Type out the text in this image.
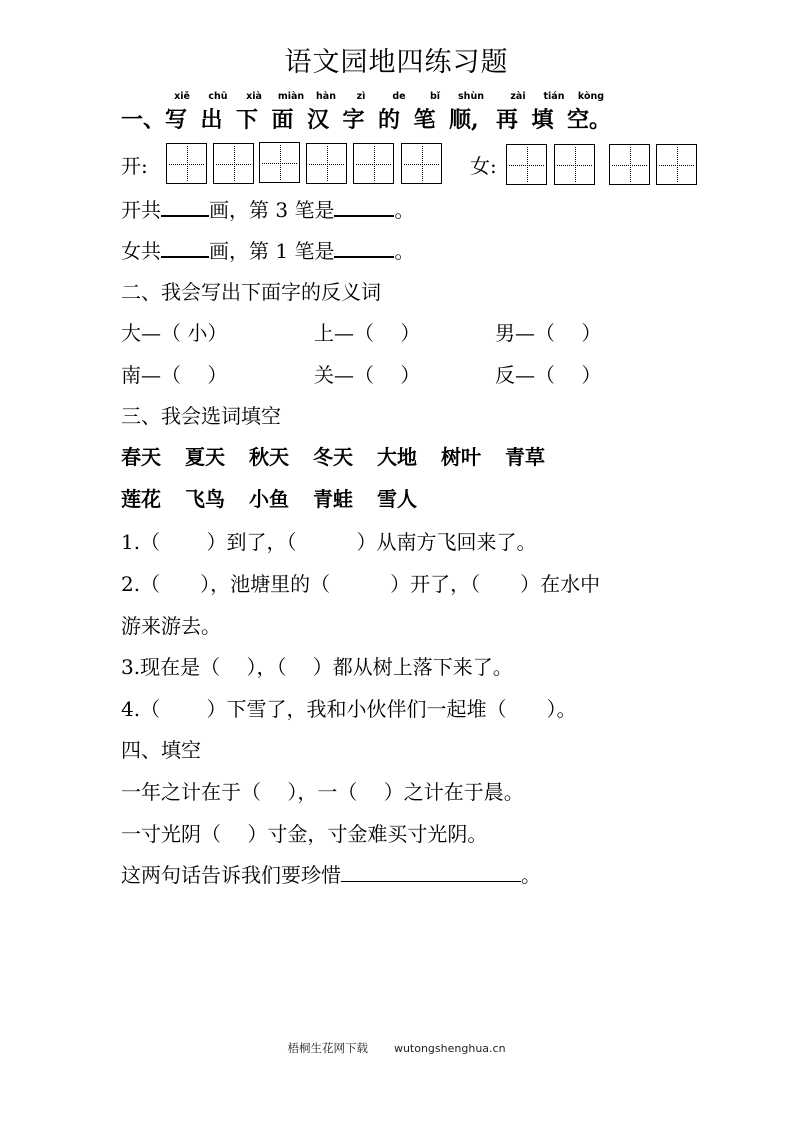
语文园地四练习题
xiě chū xià miàn hàn zì	de	bǐ shùn	zài tián kòng
一、写 出 下 面 汉 字 的 笔 顺, 再 填 空。
开:	女:
开共 画，第 3 笔是	。
女共 画，第 1 笔是	。
二、我会写出下面字的反义词
大—（ 小）	上—（　 ）	男—（　 ）
南—（　 ）	关—（　 ）	反—（　 ）
三、我会选词填空
春天 夏天 秋天 冬天 大地 树叶 青草
莲花 飞鸟 小鱼 青蛙 雪人
1.（　　 ）到了，（　　　）从南方飞回来了。
2.（　　），池塘里的（　　　）开了，（　　）在水中
游来游去。
3.现在是（　 ），（　 ）都从树上落下来了。
4.（　　 ）下雪了，我和小伙伴们一起堆（　　）。
四、填空
一年之计在于（　 ），一（　 ）之计在于晨。
一寸光阴（　 ）寸金，寸金难买寸光阴。
这两句话告诉我们要珍惜	。
梧桐生花网下载 wutongshenghua.cn
